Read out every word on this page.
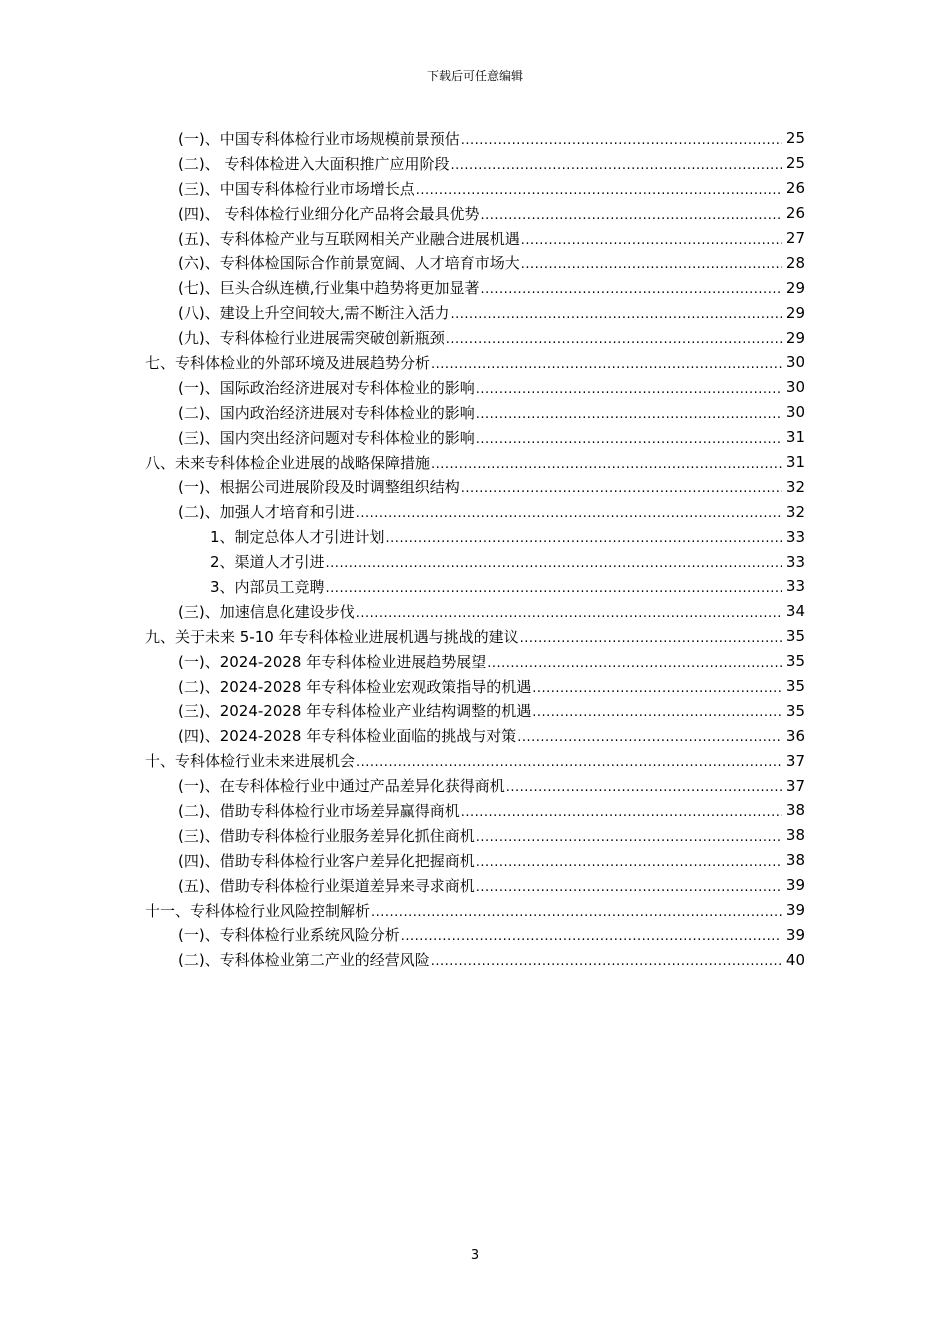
下载后可任意编辑
(一)、中国专科体检行业市场规模前景预估 .....	25
(二)、 专科体检进入大面积推广应用阶段 .....	25
(三)、中国专科体检行业市场增长点 .....	26
(四)、 专科体检行业细分化产品将会最具优势 .....	26
(五)、专科体检产业与互联网相关产业融合进展机遇 .....	27
(六)、专科体检国际合作前景宽阔、人才培育市场大 .....	28
(七)、巨头合纵连横,行业集中趋势将更加显著 .....	29
(八)、建设上升空间较大,需不断注入活力 .....	29
(九)、专科体检行业进展需突破创新瓶颈 .....	29
七、专科体检业的外部环境及进展趋势分析 .....	30
(一)、国际政治经济进展对专科体检业的影响 .....	30
(二)、国内政治经济进展对专科体检业的影响 .....	30
(三)、国内突出经济问题对专科体检业的影响 .....	31
八、未来专科体检企业进展的战略保障措施 .....	31
(一)、根据公司进展阶段及时调整组织结构 .....	32
(二)、加强人才培育和引进 .....	32
1、制定总体人才引进计划 .....	33
2、渠道人才引进 .....	33
3、内部员工竞聘 .....	33
(三)、加速信息化建设步伐 .....	34
九、关于未来 5-10 年专科体检业进展机遇与挑战的建议 .....	35
(一)、2024-2028 年专科体检业进展趋势展望 .....	35
(二)、2024-2028 年专科体检业宏观政策指导的机遇 .....	35
(三)、2024-2028 年专科体检业产业结构调整的机遇 .....	35
(四)、2024-2028 年专科体检业面临的挑战与对策 .....	36
十、专科体检行业未来进展机会 .....	37
(一)、在专科体检行业中通过产品差异化获得商机 .....	37
(二)、借助专科体检行业市场差异赢得商机 .....	38
(三)、借助专科体检行业服务差异化抓住商机 .....	38
(四)、借助专科体检行业客户差异化把握商机 .....	38
(五)、借助专科体检行业渠道差异来寻求商机 .....	39
十一、专科体检行业风险控制解析 .....	39
(一)、专科体检行业系统风险分析 .....	39
(二)、专科体检业第二产业的经营风险 .....	40
3
